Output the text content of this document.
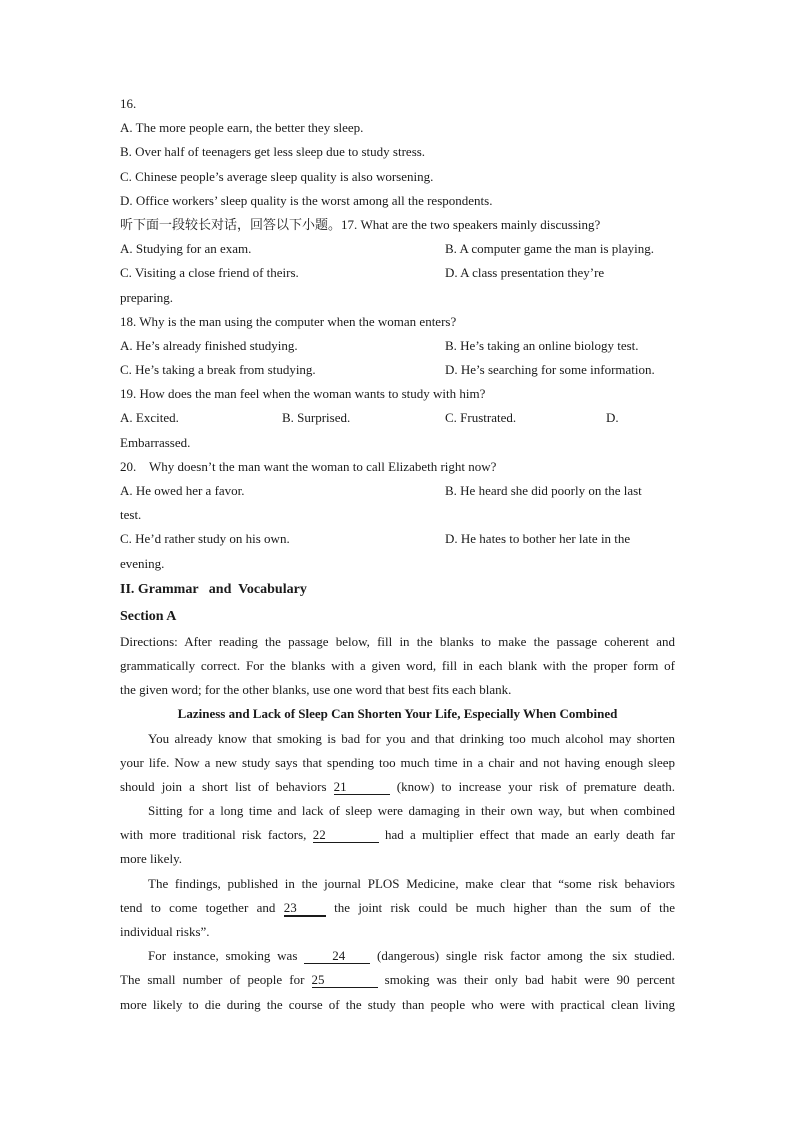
16.
A. The more people earn, the better they sleep.
B. Over half of teenagers get less sleep due to study stress.
C. Chinese people’s average sleep quality is also worsening.
D. Office workers’ sleep quality is the worst among all the respondents.
听下面一段较长对话，回答以下小题。17. What are the two speakers mainly discussing?
A. Studying for an exam.	B. A computer game the man is playing.
C. Visiting a close friend of theirs.	D. A class presentation they’re
preparing.
18. Why is the man using the computer when the woman enters?
A. He’s already finished studying.	B. He’s taking an online biology test.
C. He’s taking a break from studying.	D. He’s searching for some information.
19. How does the man feel when the woman wants to study with him?
A. Excited.	B. Surprised.	C. Frustrated.	D.
Embarrassed.
20.    Why doesn’t the man want the woman to call Elizabeth right now?
A. He owed her a favor.	B. He heard she did poorly on the last
test.
C. He’d rather study on his own.	D. He hates to bother her late in the
evening.
II. Grammar   and  Vocabulary
Section A
Directions: After reading the passage below, fill in the blanks to make the passage coherent and
grammatically correct. For the blanks with a given word, fill in each blank with the proper form of
the given word; for the other blanks, use one word that best fits each blank.
Laziness and Lack of Sleep Can Shorten Your Life, Especially When Combined
You already know that smoking is bad for you and that drinking too much alcohol may shorten
your life. Now a new study says that spending too much time in a chair and not having enough sleep
should join a short list of behaviors 21	(know) to increase your risk of premature death.
Sitting for a long time and lack of sleep were damaging in their own way, but when combined
with more traditional risk factors, 22	had a multiplier effect that made an early death far
more likely.
The findings, published in the journal PLOS Medicine, make clear that “some risk behaviors
tend to come together and 23 the joint risk could be much higher than the sum of the
individual risks”.
For instance, smoking was 24 (dangerous) single risk factor among the six studied.
The small number of people for 25	smoking was their only bad habit were 90 percent
more likely to die during the course of the study than people who were with practical clean living
